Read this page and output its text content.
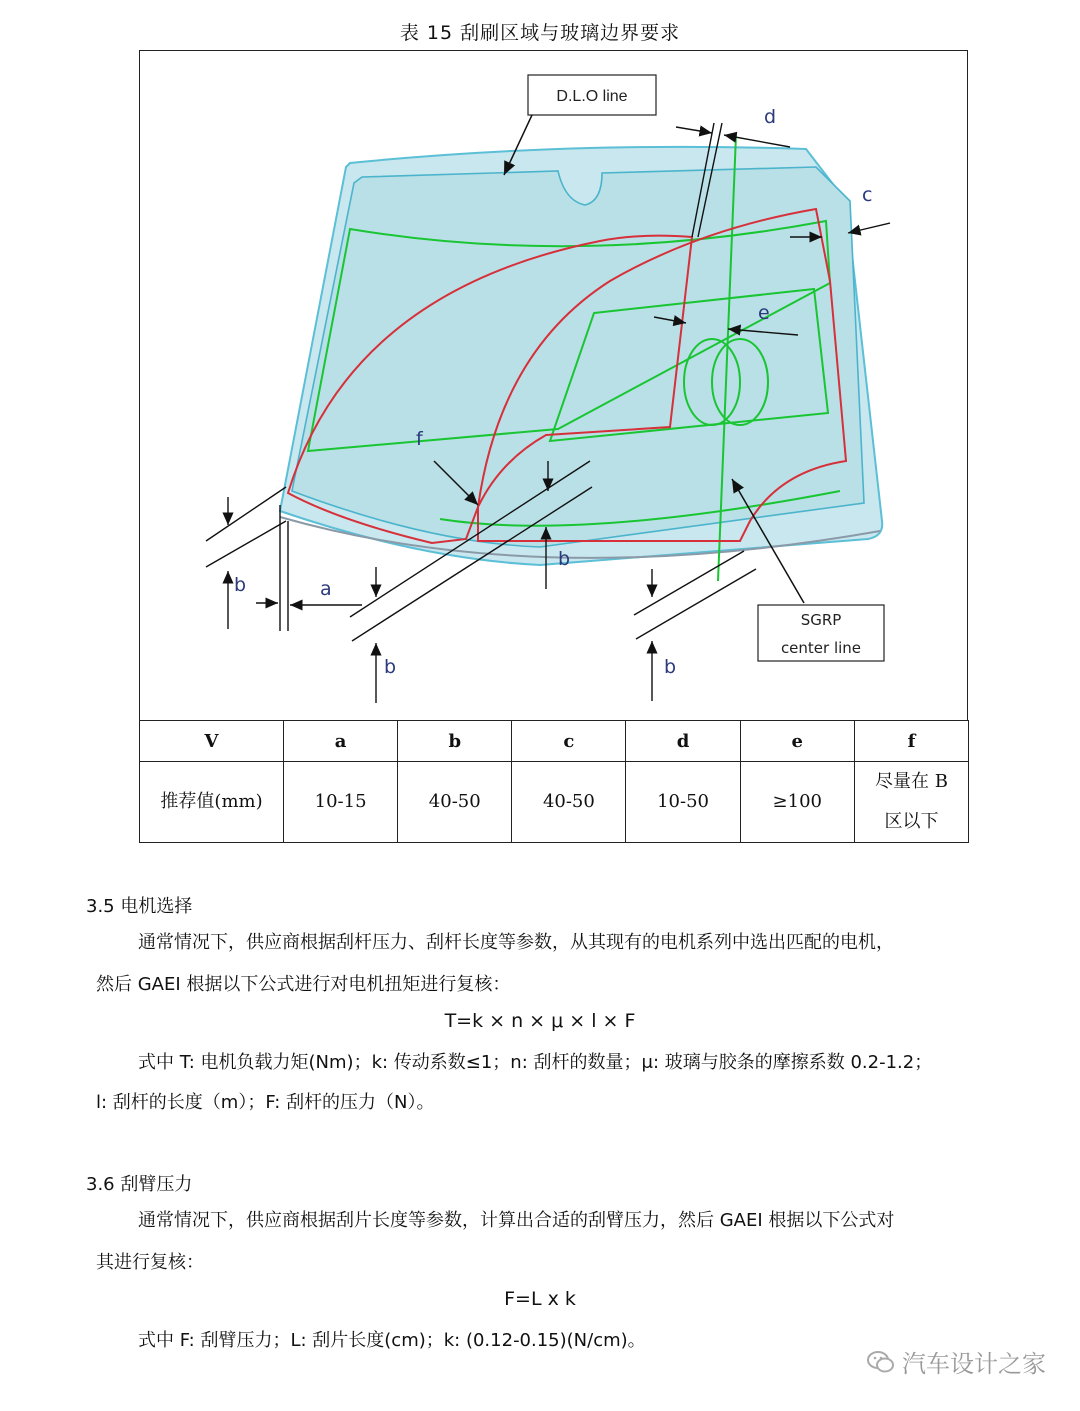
表 15 刮刷区域与玻璃边界要求
D.L.O line
d
c
e
f
SGRP
center line
b	a
b
b
b
V	a	b	c	d	e	f
推荐值(mm)	10-15	40-50	40-50	10-50	≥100	尽量在 B
区以下
3.5 电机选择
通常情况下，供应商根据刮杆压力、刮杆长度等参数，从其现有的电机系列中选出匹配的电机，
然后 GAEI 根据以下公式进行对电机扭矩进行复核：
T=k × n × μ × l × F
式中 T: 电机负载力矩(Nm)；k: 传动系数≤1；n: 刮杆的数量；μ: 玻璃与胶条的摩擦系数 0.2-1.2；
l: 刮杆的长度（m）；F: 刮杆的压力（N）。
3.6 刮臂压力
通常情况下，供应商根据刮片长度等参数，计算出合适的刮臂压力，然后 GAEI 根据以下公式对
其进行复核：
F=L x k
式中 F: 刮臂压力；L: 刮片长度(cm)；k: (0.12-0.15)(N/cm)。
汽车设计之家
